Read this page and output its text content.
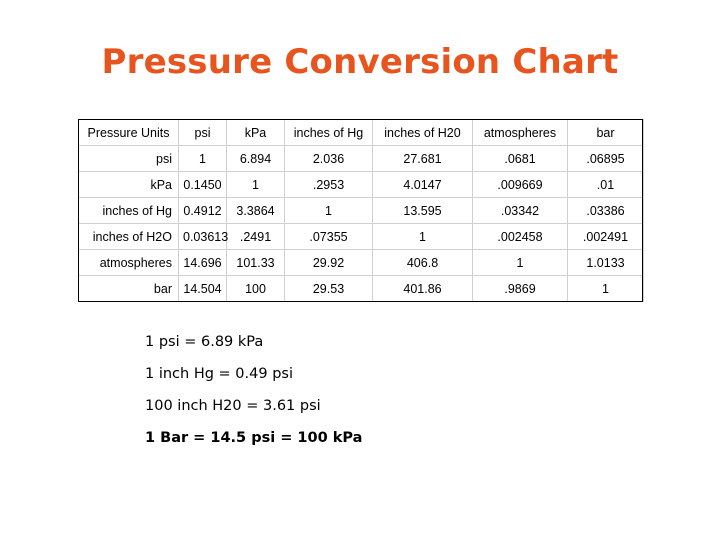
Pressure Conversion Chart
Pressure Units	psi	kPa	inches of Hg	inches of H20	atmospheres	bar
psi	1	6.894	2.036	27.681	.0681	.06895
kPa	0.1450	1	.2953	4.0147	.009669	.01
inches of Hg	0.4912	3.3864	1	13.595	.03342	.03386
inches of H2O	0.03613	.2491	.07355	1	.002458	.002491
atmospheres	14.696	101.33	29.92	406.8	1	1.0133
bar	14.504	100	29.53	401.86	.9869	1
1 psi = 6.89 kPa
1 inch Hg = 0.49 psi
100 inch H20 = 3.61 psi
1 Bar = 14.5 psi = 100 kPa
